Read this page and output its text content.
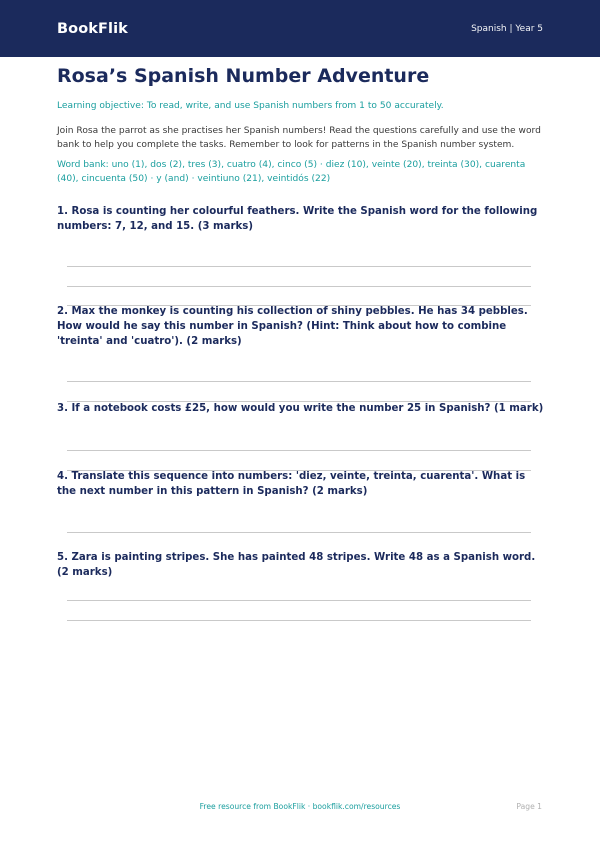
BookFlik	Spanish | Year 5
Rosa’s Spanish Number Adventure
Learning objective: To read, write, and use Spanish numbers from 1 to 50 accurately.
Join Rosa the parrot as she practises her Spanish numbers! Read the questions carefully and use the word bank to help you complete the tasks. Remember to look for patterns in the Spanish number system.
Word bank: uno (1), dos (2), tres (3), cuatro (4), cinco (5) · diez (10), veinte (20), treinta (30), cuarenta (40), cincuenta (50) · y (and) · veintiuno (21), veintidós (22)
1. Rosa is counting her colourful feathers. Write the Spanish word for the following numbers: 7, 12, and 15. (3 marks)
2. Max the monkey is counting his collection of shiny pebbles. He has 34 pebbles. How would he say this number in Spanish? (Hint: Think about how to combine 'treinta' and 'cuatro'). (2 marks)
3. If a notebook costs £25, how would you write the number 25 in Spanish? (1 mark)
4. Translate this sequence into numbers: 'diez, veinte, treinta, cuarenta'. What is the next number in this pattern in Spanish? (2 marks)
5. Zara is painting stripes. She has painted 48 stripes. Write 48 as a Spanish word. (2 marks)
Free resource from BookFlik · bookflik.com/resources	Page 1
